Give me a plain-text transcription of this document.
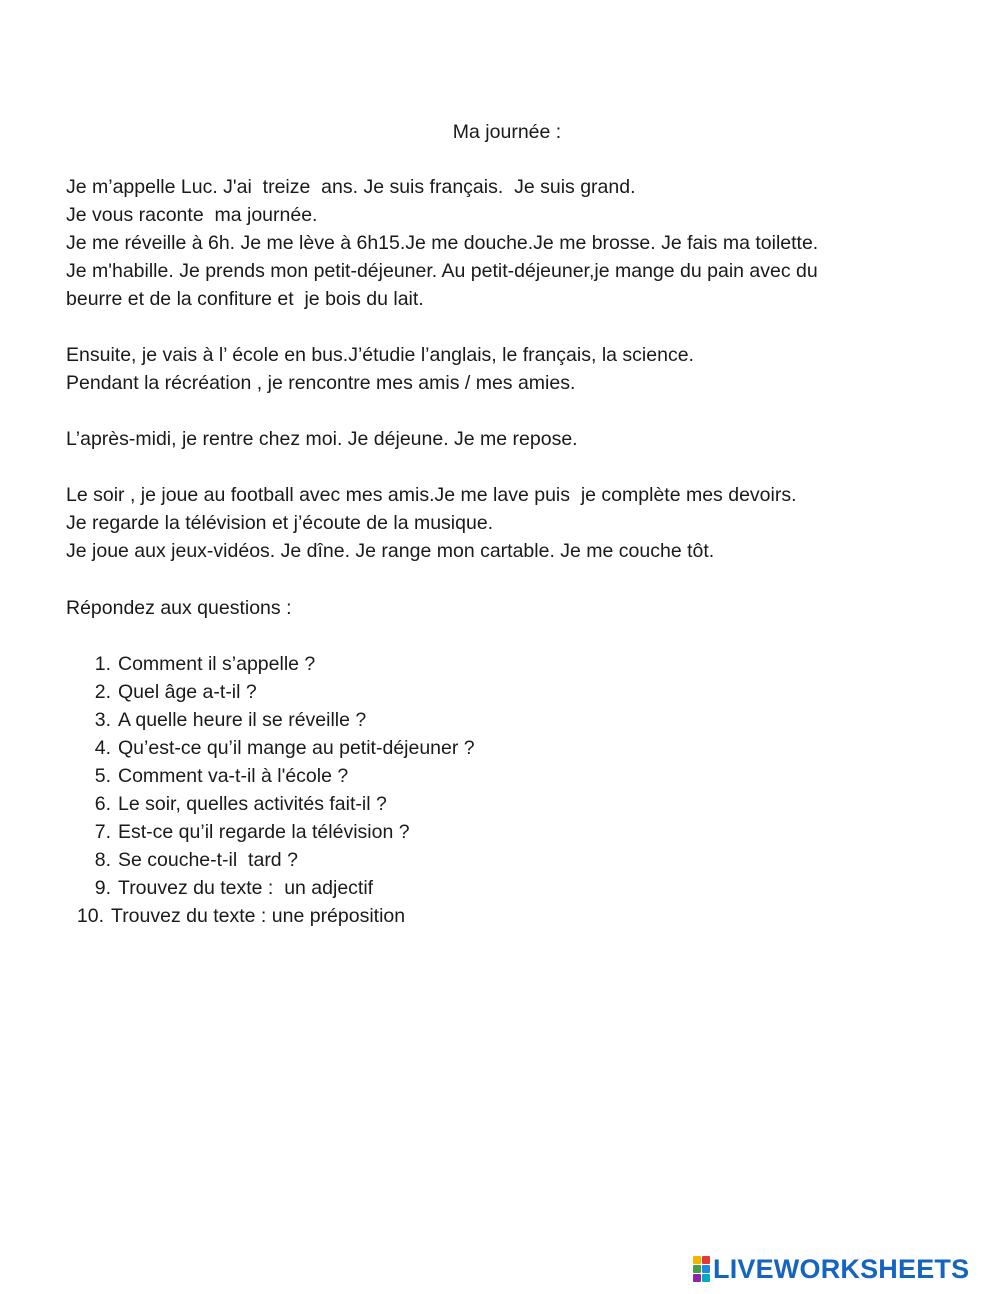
Ma journée :

Je m’appelle Luc. J'ai  treize  ans. Je suis français.  Je suis grand.

Je vous raconte  ma journée.

Je me réveille à 6h. Je me lève à 6h15.Je me douche.Je me brosse. Je fais ma toilette.

Je m'habille. Je prends mon petit-déjeuner. Au petit-déjeuner,je mange du pain avec du

beurre et de la confiture et  je bois du lait.

Ensuite, je vais à l’ école en bus.J’étudie l’anglais, le français, la science.

Pendant la récréation , je rencontre mes amis / mes amies.

L’après-midi, je rentre chez moi. Je déjeune. Je me repose.

Le soir , je joue au football avec mes amis.Je me lave puis  je complète mes devoirs.

Je regarde la télévision et j’écoute de la musique.

Je joue aux jeux-vidéos. Je dîne. Je range mon cartable. Je me couche tôt.

Répondez aux questions :

1. Comment il s’appelle ?
2. Quel âge a-t-il ?
3. A quelle heure il se réveille ?
4. Qu’est-ce qu’il mange au petit-déjeuner ?
5. Comment va-t-il à l'école ?
6. Le soir, quelles activités fait-il ?
7. Est-ce qu’il regarde la télévision ?
8. Se couche-t-il  tard ?
9. Trouvez du texte :  un adjectif
10. Trouvez du texte : une préposition
LIVEWORKSHEETS
